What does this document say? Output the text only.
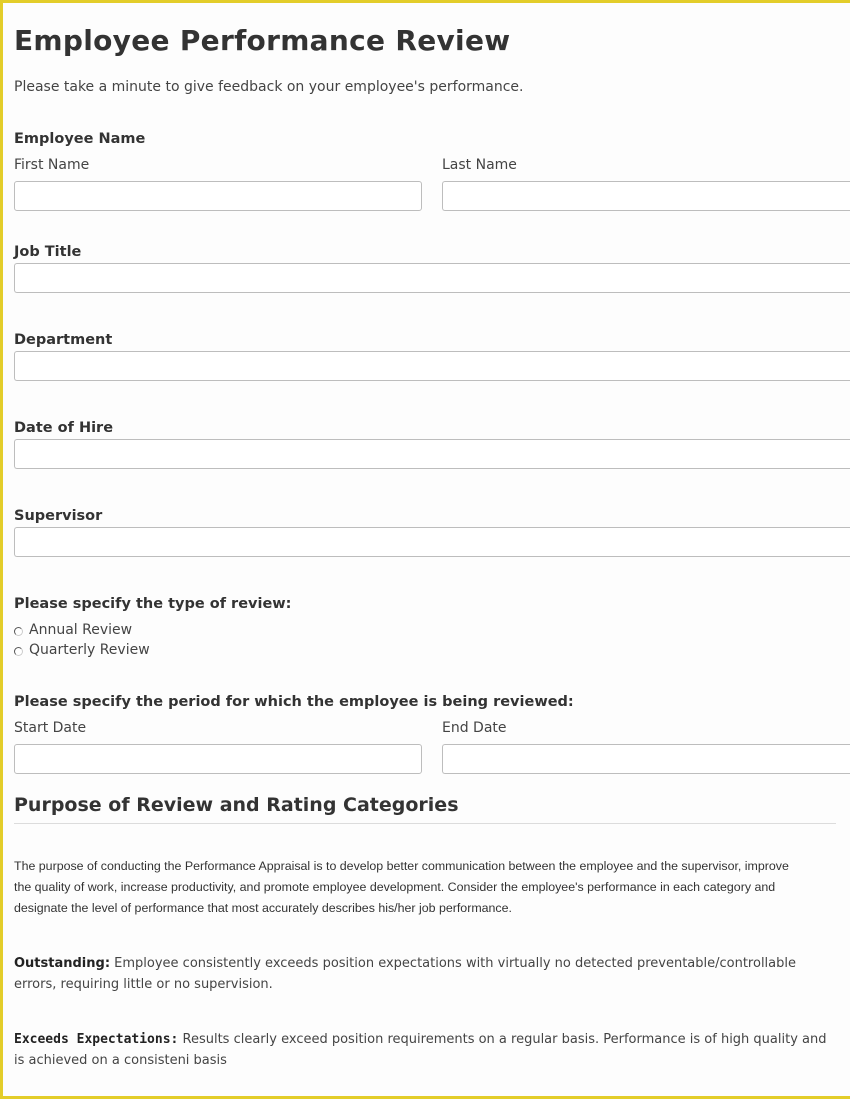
Employee Performance Review
Please take a minute to give feedback on your employee's performance.
Employee Name
First Name	Last Name
Job Title
Department
Date of Hire
Supervisor
Please specify the type of review:
Annual Review
Quarterly Review
Please specify the period for which the employee is being reviewed:
Start Date	End Date
Purpose of Review and Rating Categories
The purpose of conducting the Performance Appraisal is to develop better communication between the employee and the supervisor, improve
the quality of work, increase productivity, and promote employee development. Consider the employee's performance in each category and
designate the level of performance that most accurately describes his/her job performance.
Outstanding: Employee consistently exceeds position expectations with virtually no detected preventable/controllable errors, requiring little or no supervision.
Exceeds Expectations: Results clearly exceed position requirements on a regular basis. Performance is of high quality and is achieved on a consisteni basis
